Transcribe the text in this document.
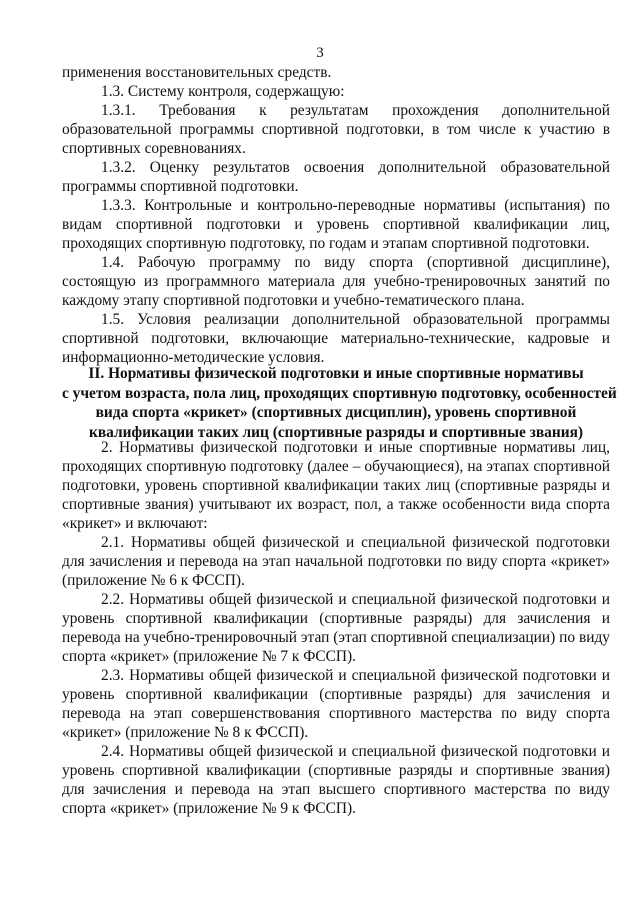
3

применения восстановительных средств.

1.3. Систему контроля, содержащую:

1.3.1. Требования к результатам прохождения дополнительной образовательной программы спортивной подготовки, в том числе к участию в спортивных соревнованиях.

1.3.2. Оценку результатов освоения дополнительной образовательной программы спортивной подготовки.

1.3.3. Контрольные и контрольно-переводные нормативы (испытания) по видам спортивной подготовки и уровень спортивной квалификации лиц, проходящих спортивную подготовку, по годам и этапам спортивной подготовки.

1.4. Рабочую программу по виду спорта (спортивной дисциплине), состоящую из программного материала для учебно-тренировочных занятий по каждому этапу спортивной подготовки и учебно-тематического плана.

1.5. Условия реализации дополнительной образовательной программы спортивной подготовки, включающие материально-технические, кадровые и информационно-методические условия.

II. Нормативы физической подготовки и иные спортивные нормативы
с учетом возраста, пола лиц, проходящих спортивную подготовку, особенностей
вида спорта «крикет» (спортивных дисциплин), уровень спортивной
квалификации таких лиц (спортивные разряды и спортивные звания)

2. Нормативы физической подготовки и иные спортивные нормативы лиц, проходящих спортивную подготовку (далее – обучающиеся), на этапах спортивной подготовки, уровень спортивной квалификации таких лиц (спортивные разряды и спортивные звания) учитывают их возраст, пол, а также особенности вида спорта «крикет» и включают:

2.1. Нормативы общей физической и специальной физической подготовки для зачисления и перевода на этап начальной подготовки по виду спорта «крикет» (приложение № 6 к ФССП).

2.2. Нормативы общей физической и специальной физической подготовки и уровень спортивной квалификации (спортивные разряды) для зачисления и перевода на учебно-тренировочный этап (этап спортивной специализации) по виду спорта «крикет» (приложение № 7 к ФССП).

2.3. Нормативы общей физической и специальной физической подготовки и уровень спортивной квалификации (спортивные разряды) для зачисления и перевода на этап совершенствования спортивного мастерства по виду спорта «крикет» (приложение № 8 к ФССП).

2.4. Нормативы общей физической и специальной физической подготовки и уровень спортивной квалификации (спортивные разряды и спортивные звания) для зачисления и перевода на этап высшего спортивного мастерства по виду спорта «крикет» (приложение № 9 к ФССП).
